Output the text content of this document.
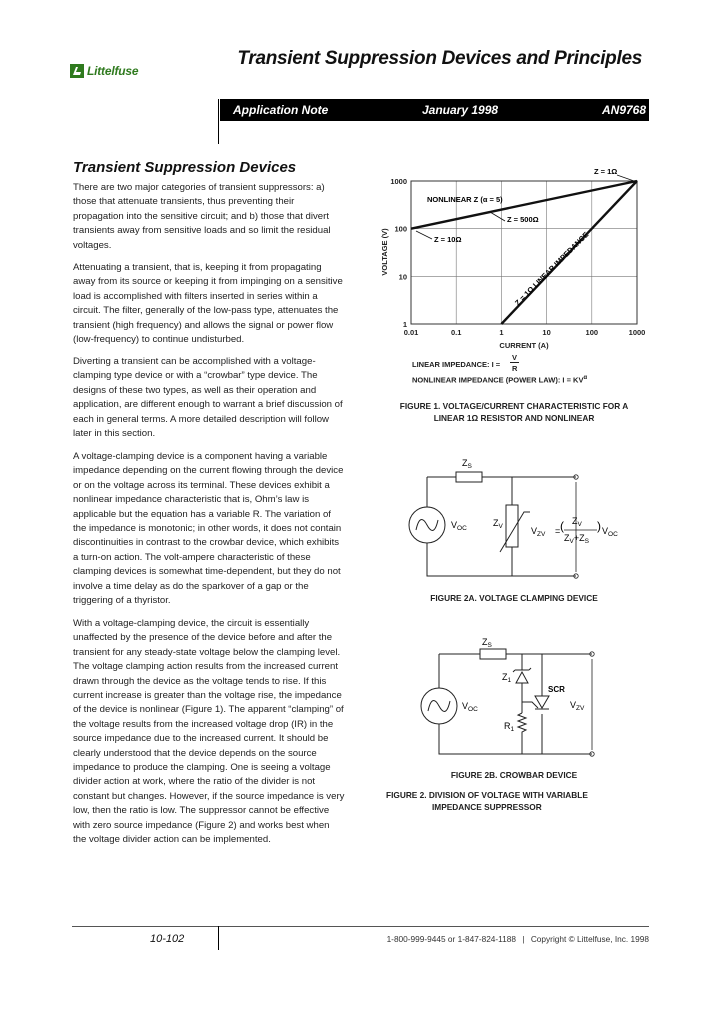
Littelfuse
Transient Suppression Devices and Principles
Application Note	January 1998	AN9768
Transient Suppression Devices

There are two major categories of transient suppressors: a) those that attenuate transients, thus preventing their propagation into the sensitive circuit; and b) those that divert transients away from sensitive loads and so limit the residual voltages.

Attenuating a transient, that is, keeping it from propagating away from its source or keeping it from impinging on a sensitive load is accomplished with filters inserted in series within a circuit. The filter, generally of the low-pass type, attenuates the transient (high frequency) and allows the signal or power flow (low-frequency) to continue undisturbed.

Diverting a transient can be accomplished with a voltage-clamping type device or with a “crowbar” type device. The designs of these two types, as well as their operation and application, are different enough to warrant a brief discussion of each in general terms. A more detailed description will follow later in this section.

A voltage-clamping device is a component having a variable impedance depending on the current flowing through the device or on the voltage across its terminal. These devices exhibit a nonlinear impedance characteristic that is, Ohm’s law is applicable but the equation has a variable R. The variation of the impedance is monotonic; in other words, it does not contain discontinuities in contrast to the crowbar device, which exhibits a turn-on action. The volt-ampere characteristic of these clamping devices is somewhat time-dependent, but they do not involve a time delay as do the sparkover of a gap or the triggering of a thyristor.

With a voltage-clamping device, the circuit is essentially unaffected by the presence of the device before and after the transient for any steady-state voltage below the clamping level. The voltage clamping action results from the increased current drawn through the device as the voltage tends to rise. If this current increase is greater than the voltage rise, the impedance of the device is nonlinear (Figure 1). The apparent “clamping” of the voltage results from the increased voltage drop (IR) in the source impedance due to the increased current. It should be clearly understood that the device depends on the source impedance to produce the clamping. One is seeing a voltage divider action at work, where the ratio of the divider is not constant but changes. However, if the source impedance is very low, then the ratio is low. The suppressor cannot be effective with zero source impedance (Figure 2) and works best when the voltage divider action can be implemented.

0.01	0.1	1	10	100	1000
1
10
100
1000
VOLTAGE (V)
CURRENT (A)
Z = 1Ω
NONLINEAR Z (α = 5)
Z = 500Ω
Z = 10Ω	Z = 1Ω LINEAR IMPEDANCE
LINEAR IMPEDANCE: I =
V
R
NONLINEAR IMPEDANCE (POWER LAW): $I = KV^\alpha$
FIGURE 1. VOLTAGE/CURRENT CHARACTERISTIC FOR A
LINEAR 1Ω RESISTOR AND NONLINEAR
$Z_S$
$V_{OC}$
$Z_V$	$V_{ZV}$ = ( $Z_V$
$Z_V+Z_S$
) $V_{OC}$
FIGURE 2A. VOLTAGE CLAMPING DEVICE
$Z_S$
$Z_1$
SCR
$R_1$
$V_{OC}$	$V_{ZV}$
FIGURE 2B. CROWBAR DEVICE
FIGURE 2. DIVISION OF VOLTAGE WITH VARIABLE
IMPEDANCE SUPPRESSOR
10-102	1-800-999-9445 or 1-847-824-1188 | Copyright © Littelfuse, Inc. 1998
